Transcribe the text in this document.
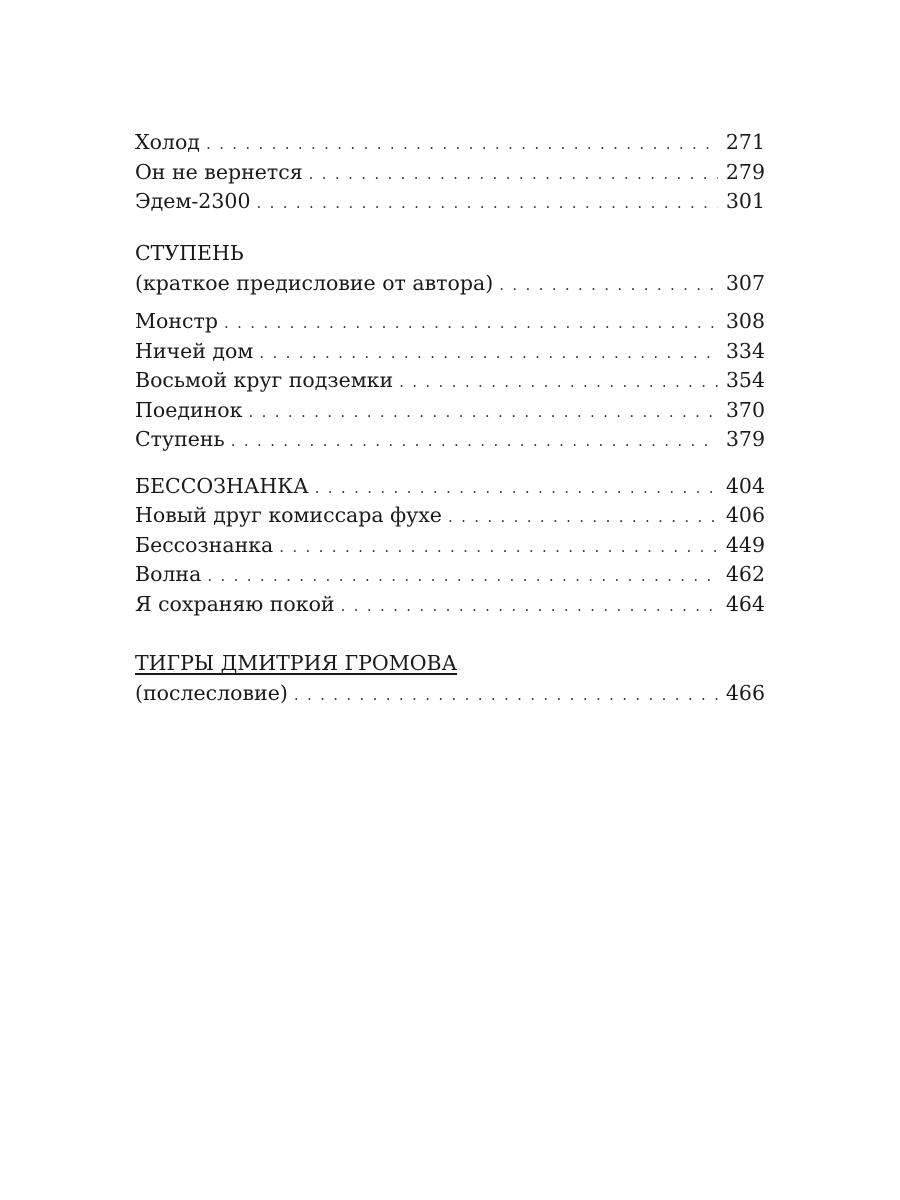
Холод . . .	271
Он не вернется . . .	279
Эдем-2300 . . .	301
СТУПЕНЬ
(краткое предисловие от автора) . . .	307
Монстр . . .	308
Ничей дом . . .	334
Восьмой круг подземки . . .	354
Поединок . . .	370
Ступень . . .	379
БЕССОЗНАНКА . . .	404
Новый друг комиссара фухе . . .	406
Бессознанка . . .	449
Волна . . .	462
Я сохраняю покой . . .	464
ТИГРЫ ДМИТРИЯ ГРОМОВА
(послесловие) . . .	466
